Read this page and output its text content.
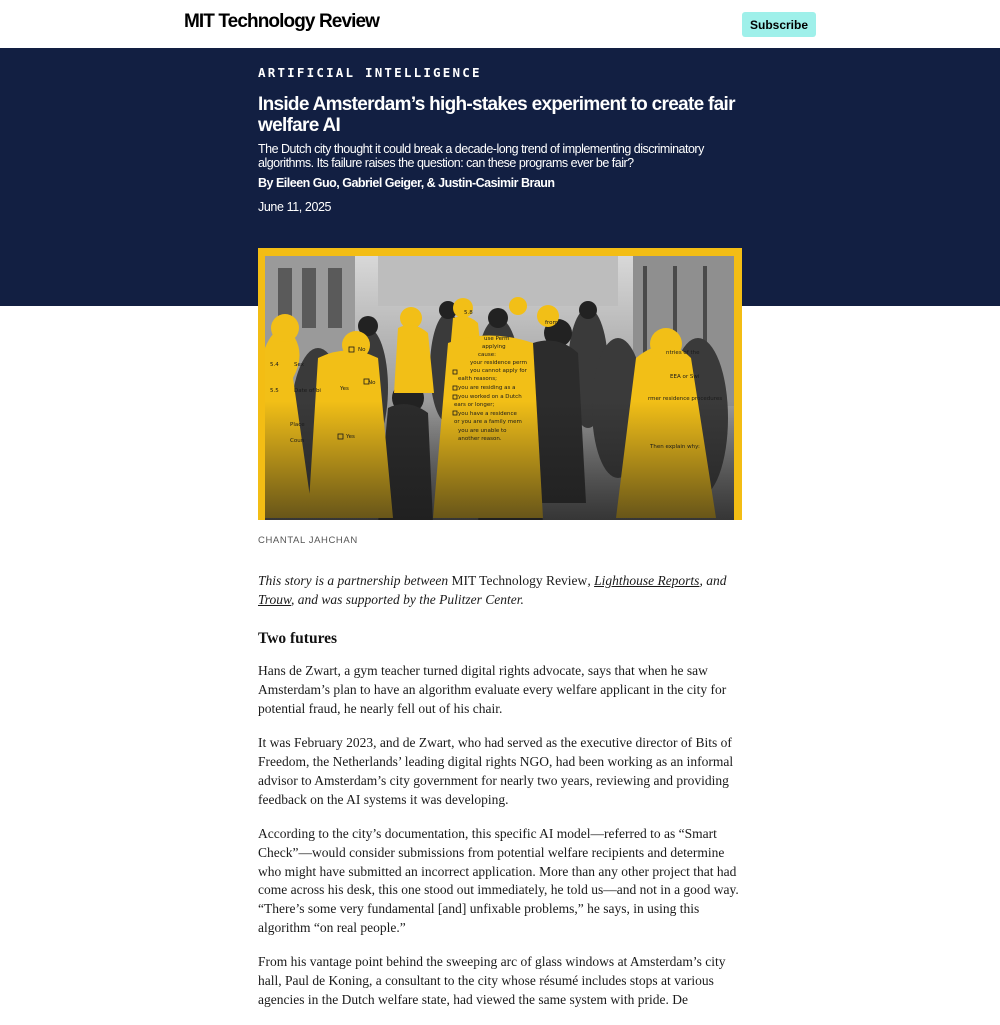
MIT Technology Review	Subscribe
ARTIFICIAL INTELLIGENCE
Inside Amsterdam’s high-stakes experiment to create fair welfare AI

The Dutch city thought it could break a decade-long trend of implementing discriminatory algorithms. Its failure raises the question: can these programs ever be fair?

By Eileen Guo, Gabriel Geiger, & Justin-Casimir Braun
June 11, 2025
CHANTAL JAHCHAN

This story is a partnership between MIT Technology Review, Lighthouse Reports, and Trouw, and was supported by the Pulitzer Center.

Two futures

Hans de Zwart, a gym teacher turned digital rights advocate, says that when he saw Amsterdam’s plan to have an algorithm evaluate every welfare applicant in the city for potential fraud, he nearly fell out of his chair.

It was February 2023, and de Zwart, who had served as the executive director of Bits of Freedom, the Netherlands’ leading digital rights NGO, had been working as an informal advisor to Amsterdam’s city government for nearly two years, reviewing and providing feedback on the AI systems it was developing.

According to the city’s documentation, this specific AI model—referred to as “Smart Check”—would consider submissions from potential welfare recipients and determine who might have submitted an incorrect application. More than any other project that had come across his desk, this one stood out immediately, he told us—and not in a good way. “There’s some very fundamental [and] unfixable problems,” he says, in using this algorithm “on real people.”

From his vantage point behind the sweeping arc of glass windows at Amsterdam’s city hall, Paul de Koning, a consultant to the city whose résumé includes stops at various agencies in the Dutch welfare state, had viewed the same system with pride. De
